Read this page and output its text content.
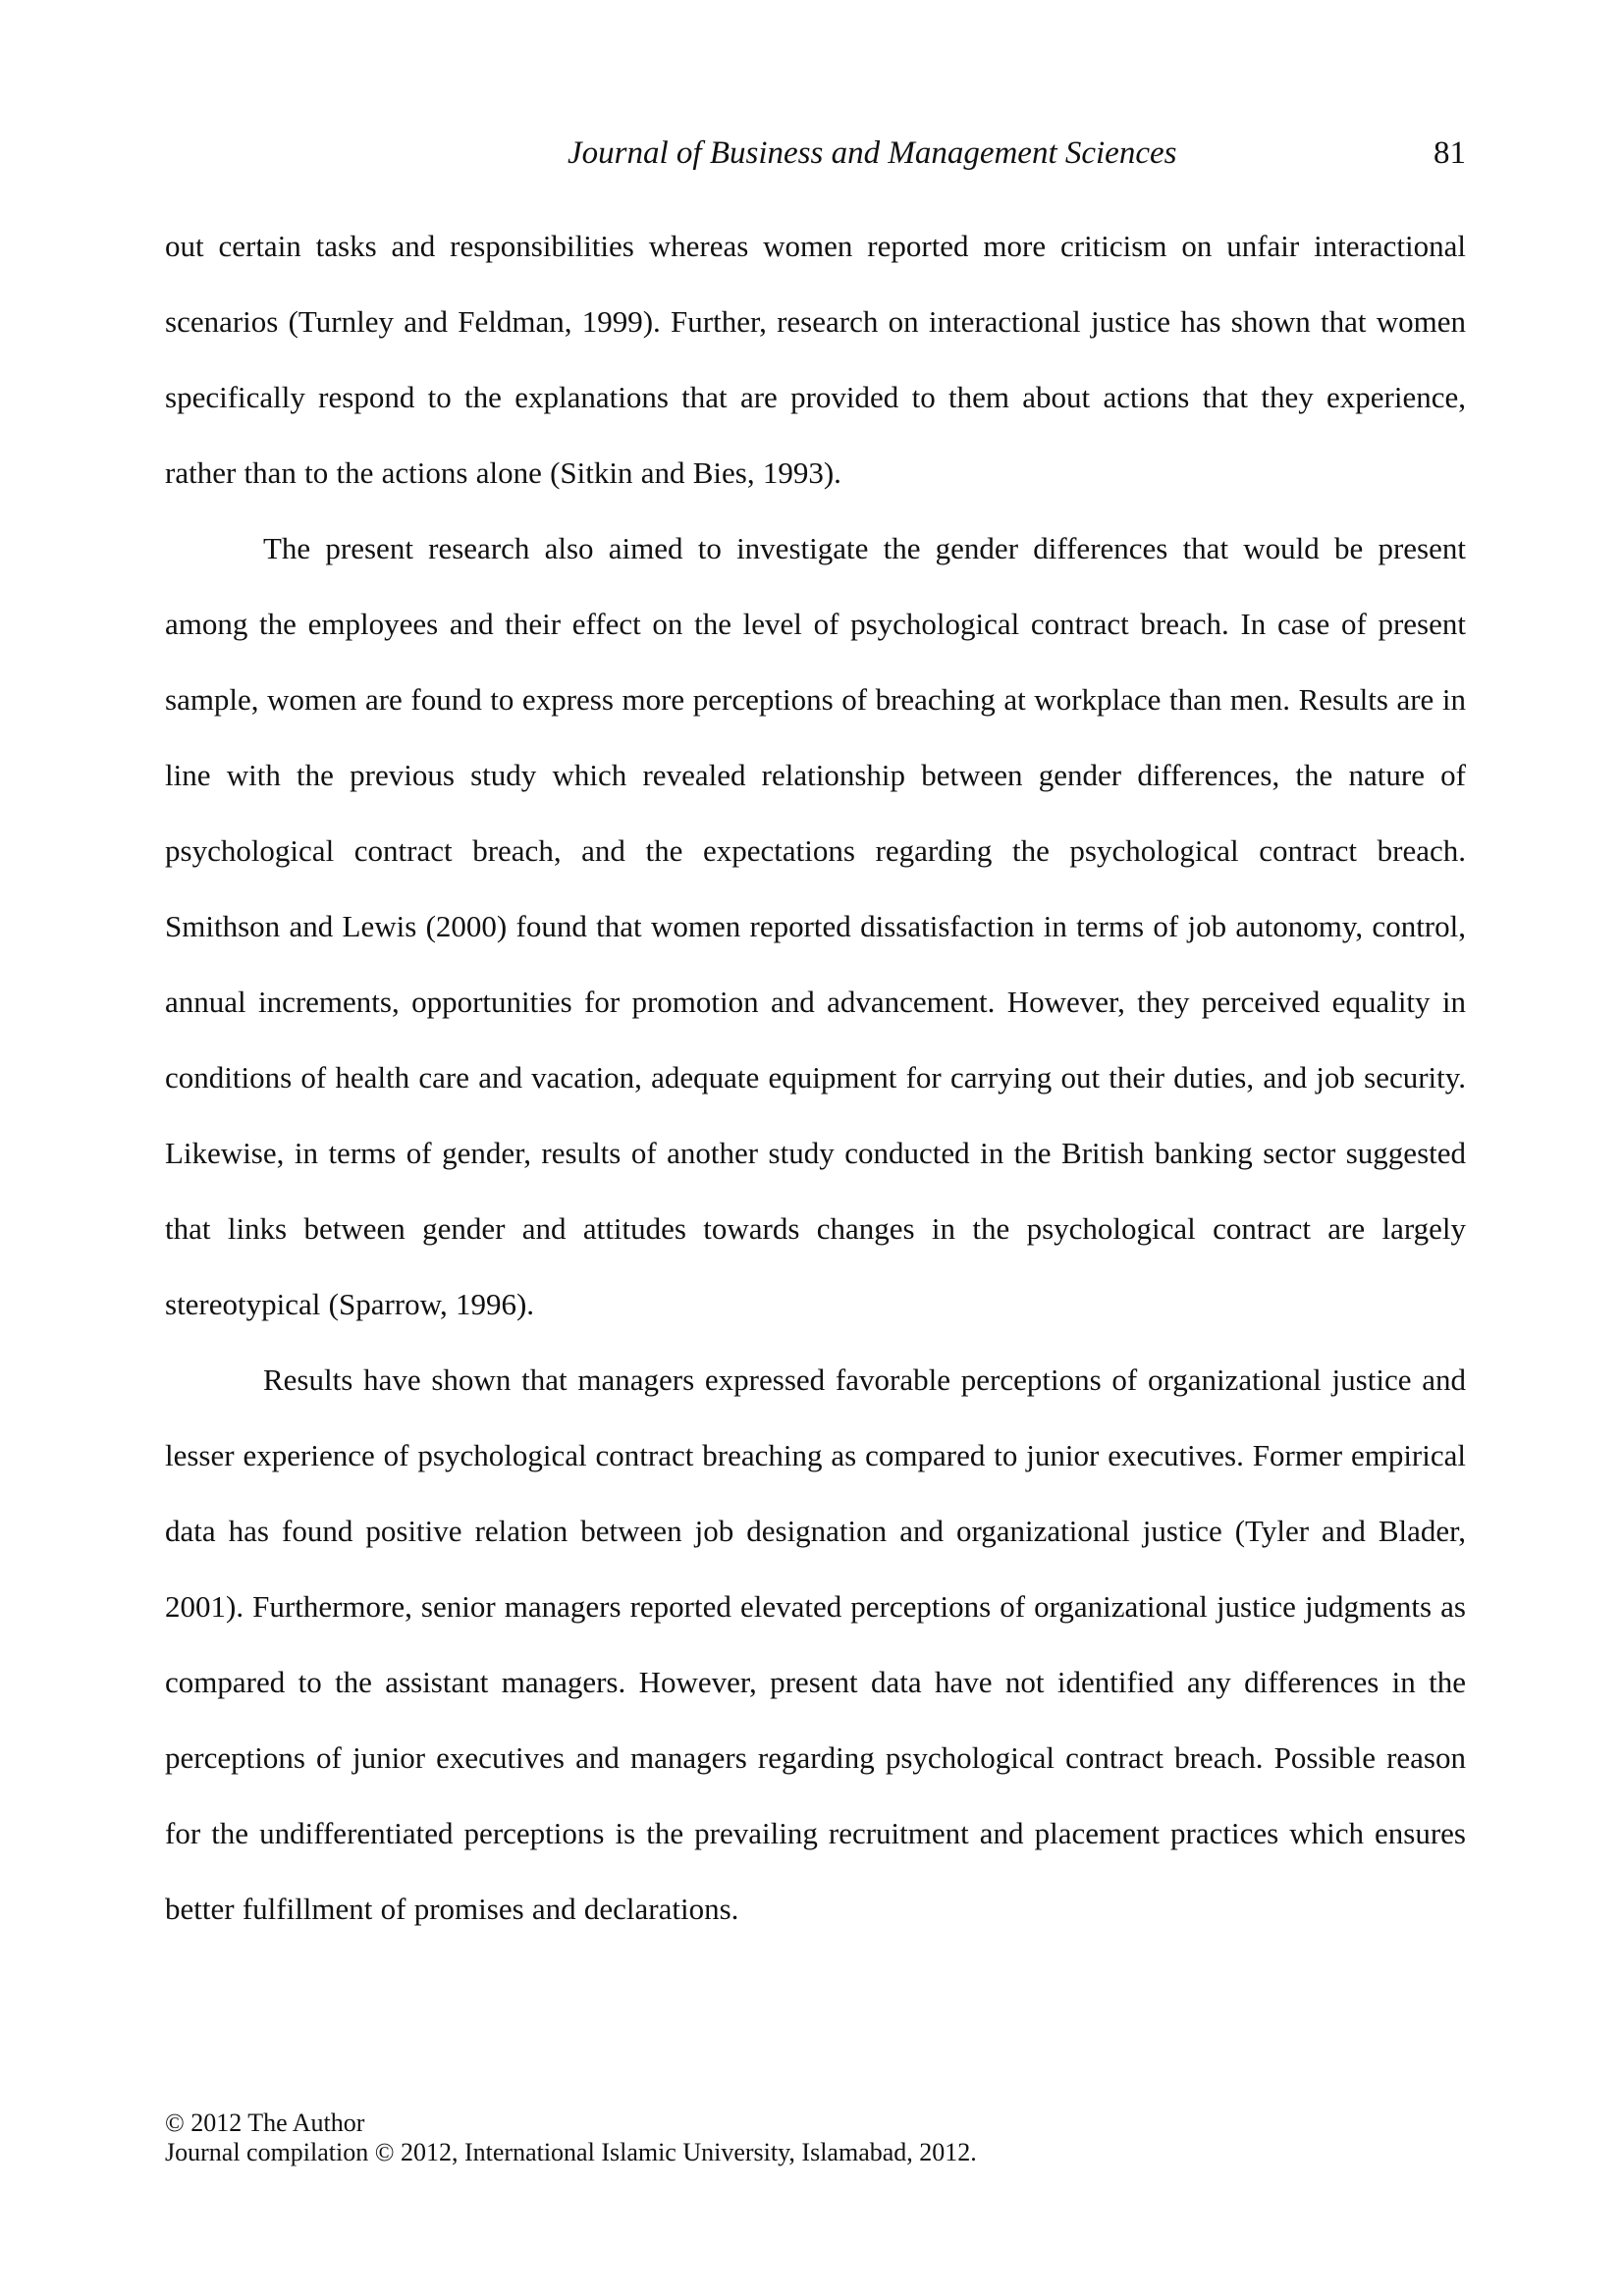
Journal of Business and Management Sciences	81

out certain tasks and responsibilities whereas women reported more criticism on unfair interactional scenarios (Turnley and Feldman, 1999). Further, research on interactional justice has shown that women specifically respond to the explanations that are provided to them about actions that they experience, rather than to the actions alone (Sitkin and Bies, 1993).

The present research also aimed to investigate the gender differences that would be present among the employees and their effect on the level of psychological contract breach. In case of present sample, women are found to express more perceptions of breaching at workplace than men. Results are in line with the previous study which revealed relationship between gender differences, the nature of psychological contract breach, and the expectations regarding the psychological contract breach. Smithson and Lewis (2000) found that women reported dissatisfaction in terms of job autonomy, control, annual increments, opportunities for promotion and advancement. However, they perceived equality in conditions of health care and vacation, adequate equipment for carrying out their duties, and job security. Likewise, in terms of gender, results of another study conducted in the British banking sector suggested that links between gender and attitudes towards changes in the psychological contract are largely stereotypical (Sparrow, 1996).

Results have shown that managers expressed favorable perceptions of organizational justice and lesser experience of psychological contract breaching as compared to junior executives. Former empirical data has found positive relation between job designation and organizational justice (Tyler and Blader, 2001). Furthermore, senior managers reported elevated perceptions of organizational justice judgments as compared to the assistant managers. However, present data have not identified any differences in the perceptions of junior executives and managers regarding psychological contract breach. Possible reason for the undifferentiated perceptions is the prevailing recruitment and placement practices which ensures better fulfillment of promises and declarations.

© 2012 The Author
Journal compilation © 2012, International Islamic University, Islamabad, 2012.
